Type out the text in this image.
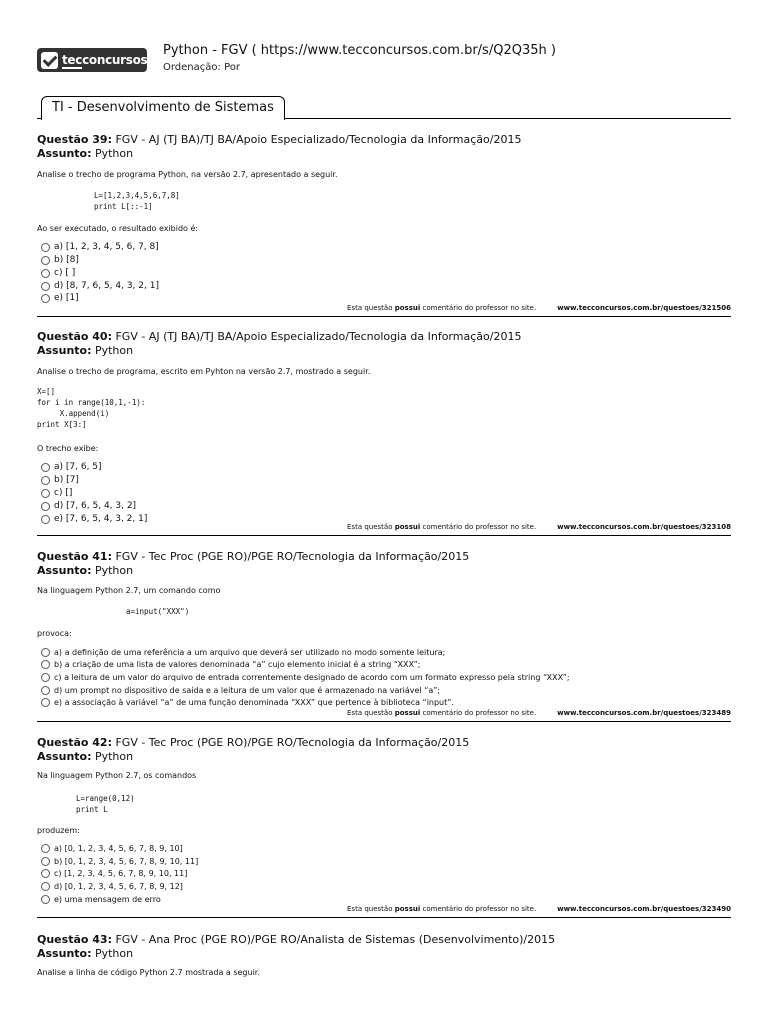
tecconcursos
Python - FGV ( https://www.tecconcursos.com.br/s/Q2Q35h )
Ordenação: Por
TI - Desenvolvimento de Sistemas
Questão 39: FGV - AJ (TJ BA)/TJ BA/Apoio Especializado/Tecnologia da Informação/2015
Assunto: Python
Analise o trecho de programa Python, na versão 2.7, apresentado a seguir.
L=[1,2,3,4,5,6,7,8]
print L[::-1]
Ao ser executado, o resultado exibido é:
a) [1, 2, 3, 4, 5, 6, 7, 8]
b) [8]
c) [ ]
d) [8, 7, 6, 5, 4, 3, 2, 1]
e) [1]
Esta questão possui comentário do professor no site.	www.tecconcursos.com.br/questoes/321506
Questão 40: FGV - AJ (TJ BA)/TJ BA/Apoio Especializado/Tecnologia da Informação/2015
Assunto: Python
Analise o trecho de programa, escrito em Pyhton na versão 2.7, mostrado a seguir.
X=[]
for i in range(10,1,-1):
X.append(i)
print X[3:]
O trecho exibe:
a) [7, 6, 5]
b) [7]
c) []
d) [7, 6, 5, 4, 3, 2]
e) [7, 6, 5, 4, 3, 2, 1]
Esta questão possui comentário do professor no site.	www.tecconcursos.com.br/questoes/323108
Questão 41: FGV - Tec Proc (PGE RO)/PGE RO/Tecnologia da Informação/2015
Assunto: Python
Na linguagem Python 2.7, um comando como
a=input("XXX")
provoca:
a) a definição de uma referência a um arquivo que deverá ser utilizado no modo somente leitura;
b) a criação de uma lista de valores denominada “a” cujo elemento inicial é a string “XXX”;
c) a leitura de um valor do arquivo de entrada correntemente designado de acordo com um formato expresso pela string “XXX”;
d) um prompt no dispositivo de saída e a leitura de um valor que é armazenado na variável “a”;
e) a associação à variável “a” de uma função denominada “XXX” que pertence à biblioteca “input”.
Esta questão possui comentário do professor no site.	www.tecconcursos.com.br/questoes/323489
Questão 42: FGV - Tec Proc (PGE RO)/PGE RO/Tecnologia da Informação/2015
Assunto: Python
Na linguagem Python 2.7, os comandos
L=range(0,12)
print L
produzem:
a) [0, 1, 2, 3, 4, 5, 6, 7, 8, 9, 10]
b) [0, 1, 2, 3, 4, 5, 6, 7, 8, 9, 10, 11]
c) [1, 2, 3, 4, 5, 6, 7, 8, 9, 10, 11]
d) [0, 1, 2, 3, 4, 5, 6, 7, 8, 9, 12]
e) uma mensagem de erro
Esta questão possui comentário do professor no site.	www.tecconcursos.com.br/questoes/323490
Questão 43: FGV - Ana Proc (PGE RO)/PGE RO/Analista de Sistemas (Desenvolvimento)/2015
Assunto: Python
Analise a linha de código Python 2.7 mostrada a seguir.
